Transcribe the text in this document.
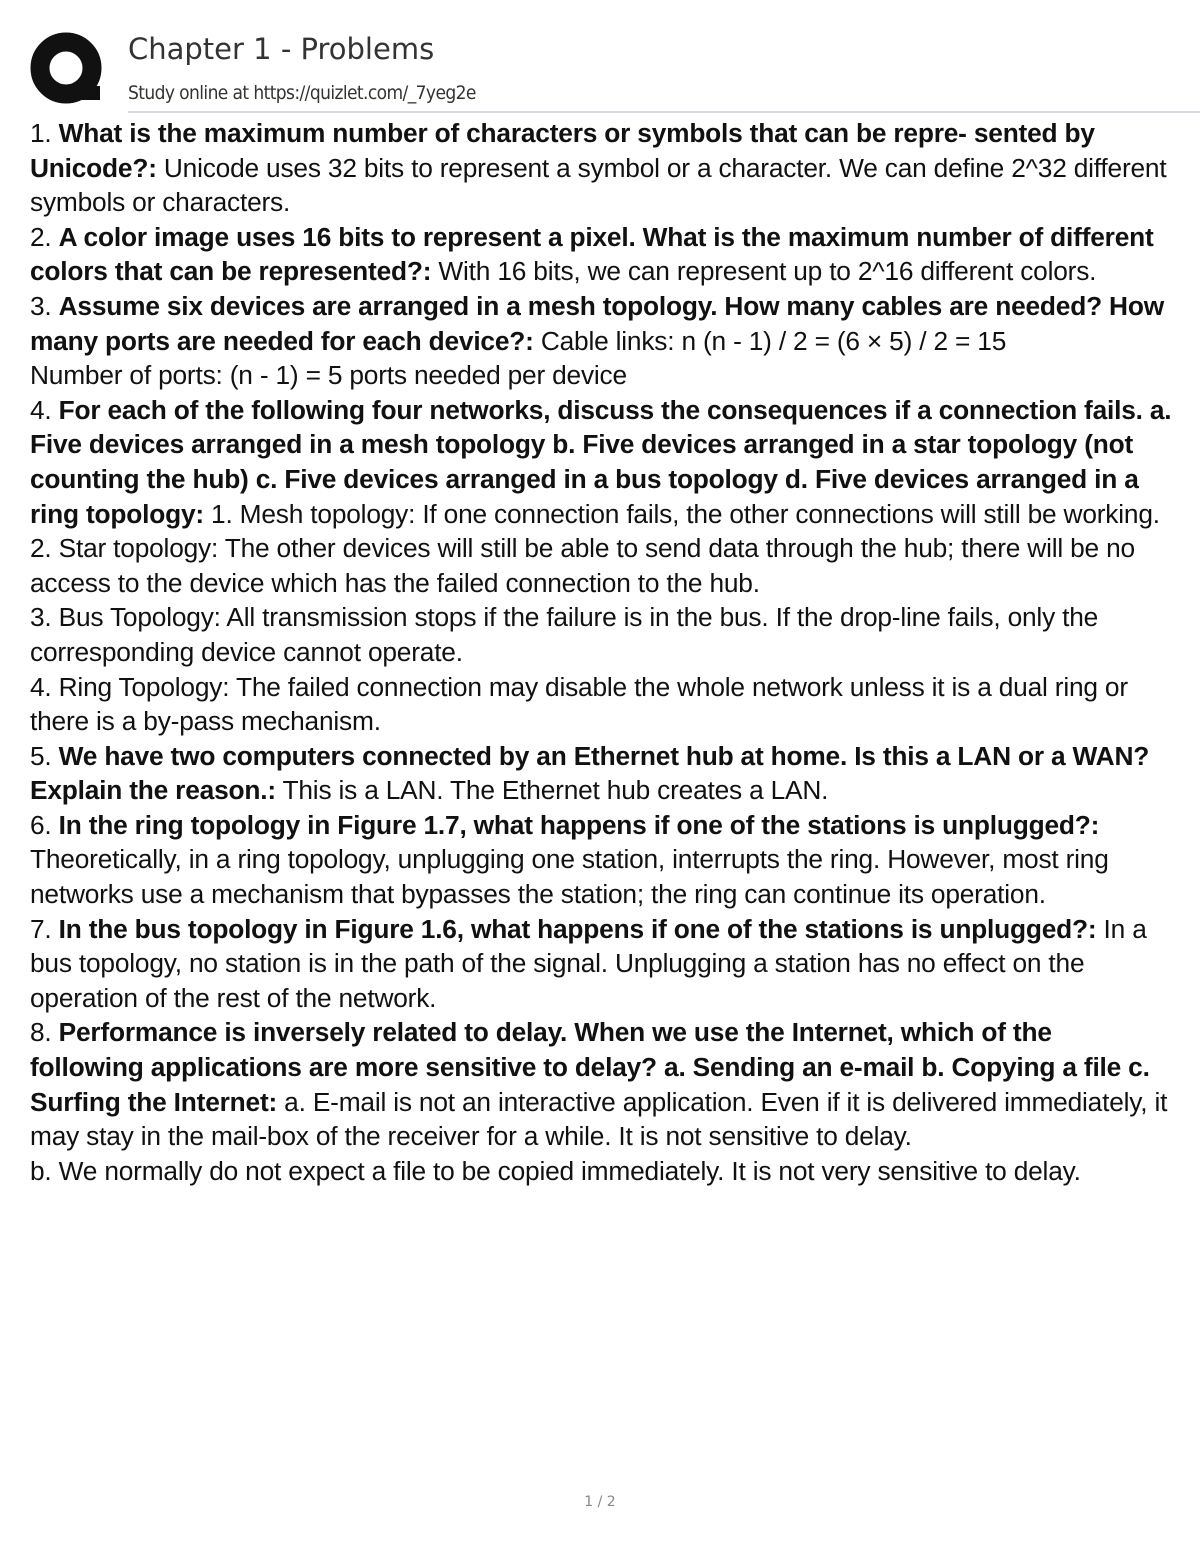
Chapter 1 - Problems
Study online at https://quizlet.com/_7yeg2e

1. What is the maximum number of characters or symbols that can be repre- sented by Unicode?: Unicode uses 32 bits to represent a symbol or a character. We can define 2^32 different symbols or characters.

2. A color image uses 16 bits to represent a pixel. What is the maximum number of different colors that can be represented?: With 16 bits, we can represent up to 2^16 different colors.

3. Assume six devices are arranged in a mesh topology. How many cables are needed? How many ports are needed for each device?: Cable links: n (n - 1) / 2 = (6 × 5) / 2 = 15

Number of ports: (n - 1) = 5 ports needed per device

4. For each of the following four networks, discuss the consequences if a connection fails. a. Five devices arranged in a mesh topology b. Five devices arranged in a star topology (not counting the hub) c. Five devices arranged in a bus topology d. Five devices arranged in a ring topology: 1. Mesh topology: If one connection fails, the other connections will still be working.

2. Star topology: The other devices will still be able to send data through the hub; there will be no access to the device which has the failed connection to the hub.

3. Bus Topology: All transmission stops if the failure is in the bus. If the drop-line fails, only the corresponding device cannot operate.

4. Ring Topology: The failed connection may disable the whole network unless it is a dual ring or there is a by-pass mechanism.

5. We have two computers connected by an Ethernet hub at home. Is this a LAN or a WAN? Explain the reason.: This is a LAN. The Ethernet hub creates a LAN.

6. In the ring topology in Figure 1.7, what happens if one of the stations is unplugged?: Theoretically, in a ring topology, unplugging one station, interrupts the ring. However, most ring networks use a mechanism that bypasses the station; the ring can continue its operation.

7. In the bus topology in Figure 1.6, what happens if one of the stations is unplugged?: In a bus topology, no station is in the path of the signal. Unplugging a station has no effect on the operation of the rest of the network.

8. Performance is inversely related to delay. When we use the Internet, which of the following applications are more sensitive to delay? a. Sending an e-mail b. Copying a file c. Surfing the Internet: a. E-mail is not an interactive application. Even if it is delivered immediately, it may stay in the mail-box of the receiver for a while. It is not sensitive to delay.

b. We normally do not expect a file to be copied immediately. It is not very sensitive to delay.

1 / 2
